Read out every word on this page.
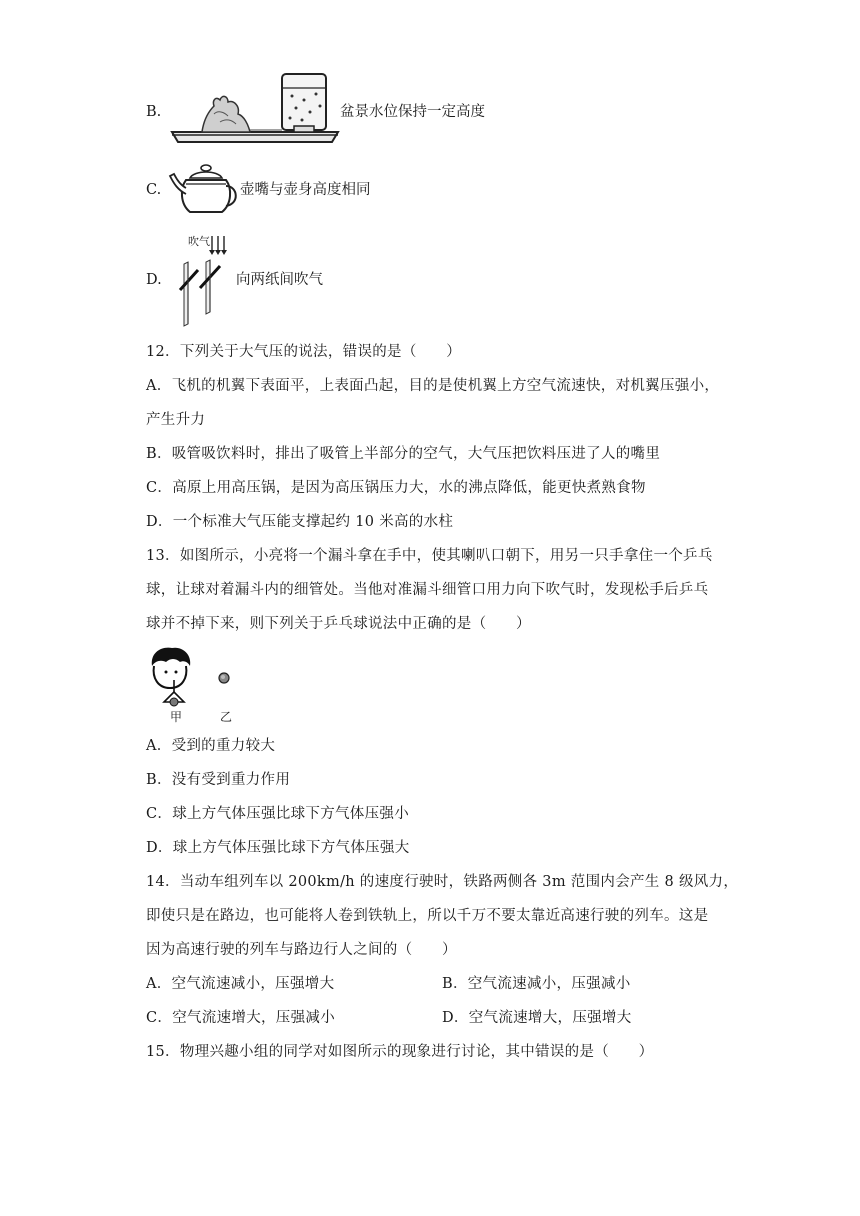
B.	盆景水位保持一定高度
C.	壶嘴与壶身高度相同
D.
吹气
向两纸间吹气
12．下列关于大气压的说法，错误的是（　　）
A．飞机的机翼下表面平，上表面凸起，目的是使机翼上方空气流速快，对机翼压强小，
产生升力
B．吸管吸饮料时，排出了吸管上半部分的空气，大气压把饮料压进了人的嘴里
C．高原上用高压锅，是因为高压锅压力大，水的沸点降低，能更快煮熟食物
D．一个标准大气压能支撑起约 10 米高的水柱
13．如图所示，小亮将一个漏斗拿在手中，使其喇叭口朝下，用另一只手拿住一个乒乓
球，让球对着漏斗内的细管处。当他对准漏斗细管口用力向下吹气时，发现松手后乒乓
球并不掉下来，则下列关于乒乓球说法中正确的是（　　）
甲	乙
A．受到的重力较大
B．没有受到重力作用
C．球上方气体压强比球下方气体压强小
D．球上方气体压强比球下方气体压强大
14．当动车组列车以 200km/h 的速度行驶时，铁路两侧各 3m 范围内会产生 8 级风力，
即使只是在路边，也可能将人卷到铁轨上，所以千万不要太靠近高速行驶的列车。这是
因为高速行驶的列车与路边行人之间的（　　）
A．空气流速减小，压强增大	B．空气流速减小，压强减小
C．空气流速增大，压强减小	D．空气流速增大，压强增大
15．物理兴趣小组的同学对如图所示的现象进行讨论，其中错误的是（　　）
